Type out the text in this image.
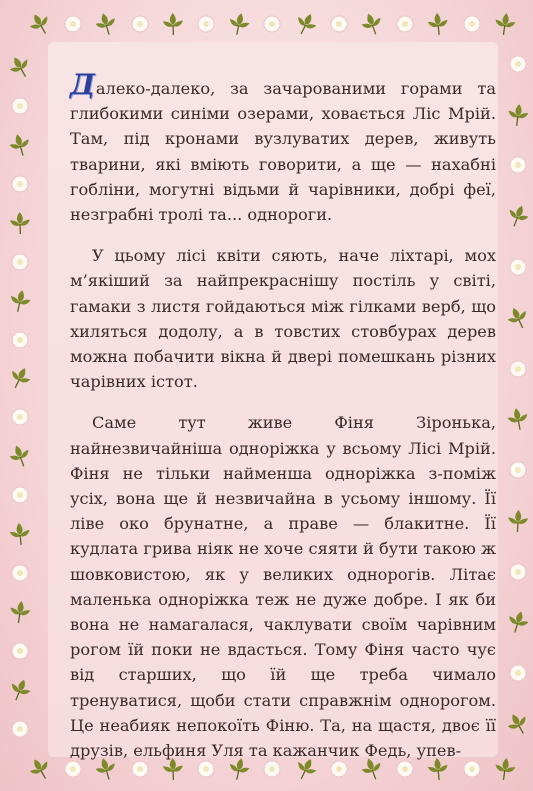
Далеко-далеко, за зачарованими горами та глибокими синіми озерами, ховається Ліс Мрій. Там, під кронами вузлуватих дерев, живуть тварини, які вміють говорити, а ще — нахабні гобліни, могутні відьми й чарівники, добрі феї, незграбні тролі та... однороги.

У цьому лісі квіти сяють, наче ліхтарі, мох м’якіший за найпрекраснішу постіль у світі, гамаки з листя гойдаються між гілками верб, що хиляться додолу, а в товстих стовбурах дерев можна побачити вікна й двері помешкань різних чарівних істот.

Саме тут живе Фіня Зіронька, найнезвичайніша одноріжка у всьому Лісі Мрій. Фіня не тільки найменша одноріжка з-поміж усіх, вона ще й незвичайна в усьому іншому. Її ліве око брунатне, а праве — блакитне. Її кудлата грива ніяк не хоче сяяти й бути такою ж шовковистою, як у великих однорогів. Літає маленька одноріжка теж не дуже добре. І як би вона не намагалася, чаклувати своїм чарівним рогом їй поки не вдасться. Тому Фіня часто чує від старших, що їй ще треба чимало тренуватися, щоби стати справжнім однорогом. Це неабияк непокоїть Фіню. Та, на щастя, двоє її друзів, ельфиня Уля та кажанчик Федь, упев-
